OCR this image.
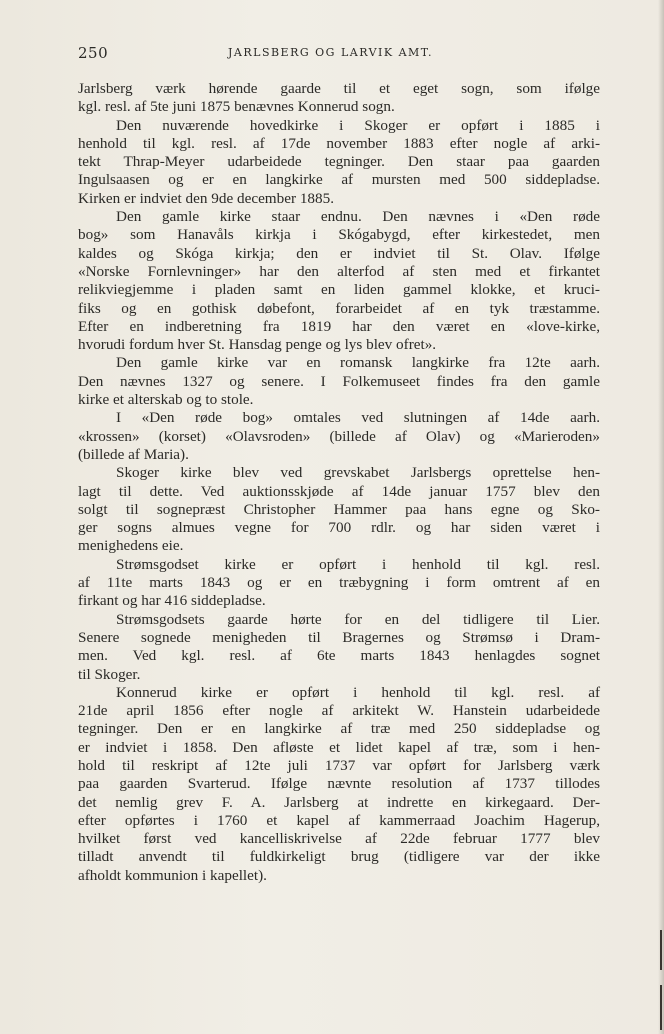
250	JARLSBERG OG LARVIK AMT.
Jarlsberg værk hørende gaarde til et eget sogn, som ifølge
kgl. resl. af 5te juni 1875 benævnes Konnerud sogn.
Den nuværende hovedkirke i Skoger er opført i 1885 i
henhold til kgl. resl. af 17de november 1883 efter nogle af arki-
tekt Thrap-Meyer udarbeidede tegninger. Den staar paa gaarden
Ingulsaasen og er en langkirke af mursten med 500 siddepladse.
Kirken er indviet den 9de december 1885.
Den gamle kirke staar endnu. Den nævnes i «Den røde
bog» som Hanavåls kirkja i Skógabygd, efter kirkestedet, men
kaldes og Skóga kirkja; den er indviet til St. Olav. Ifølge
«Norske Fornlevninger» har den alterfod af sten med et firkantet
relikviegjemme i pladen samt en liden gammel klokke, et kruci-
fiks og en gothisk døbefont, forarbeidet af en tyk træstamme.
Efter en indberetning fra 1819 har den været en «love-kirke,
hvorudi fordum hver St. Hansdag penge og lys blev ofret».
Den gamle kirke var en romansk langkirke fra 12te aarh.
Den nævnes 1327 og senere. I Folkemuseet findes fra den gamle
kirke et alterskab og to stole.
I «Den røde bog» omtales ved slutningen af 14de aarh.
«krossen» (korset) «Olavsroden» (billede af Olav) og «Marieroden»
(billede af Maria).
Skoger kirke blev ved grevskabet Jarlsbergs oprettelse hen-
lagt til dette. Ved auktionsskjøde af 14de januar 1757 blev den
solgt til sognepræst Christopher Hammer paa hans egne og Sko-
ger sogns almues vegne for 700 rdlr. og har siden været i
menighedens eie.
Strømsgodset kirke er opført i henhold til kgl. resl.
af 11te marts 1843 og er en træbygning i form omtrent af en
firkant og har 416 siddepladse.
Strømsgodsets gaarde hørte for en del tidligere til Lier.
Senere sognede menigheden til Bragernes og Strømsø i Dram-
men. Ved kgl. resl. af 6te marts 1843 henlagdes sognet
til Skoger.
Konnerud kirke er opført i henhold til kgl. resl. af
21de april 1856 efter nogle af arkitekt W. Hanstein udarbeidede
tegninger. Den er en langkirke af træ med 250 siddepladse og
er indviet i 1858. Den afløste et lidet kapel af træ, som i hen-
hold til reskript af 12te juli 1737 var opført for Jarlsberg værk
paa gaarden Svarterud. Ifølge nævnte resolution af 1737 tillodes
det nemlig grev F. A. Jarlsberg at indrette en kirkegaard. Der-
efter opførtes i 1760 et kapel af kammerraad Joachim Hagerup,
hvilket først ved kancelliskrivelse af 22de februar 1777 blev
tilladt anvendt til fuldkirkeligt brug (tidligere var der ikke
afholdt kommunion i kapellet).
